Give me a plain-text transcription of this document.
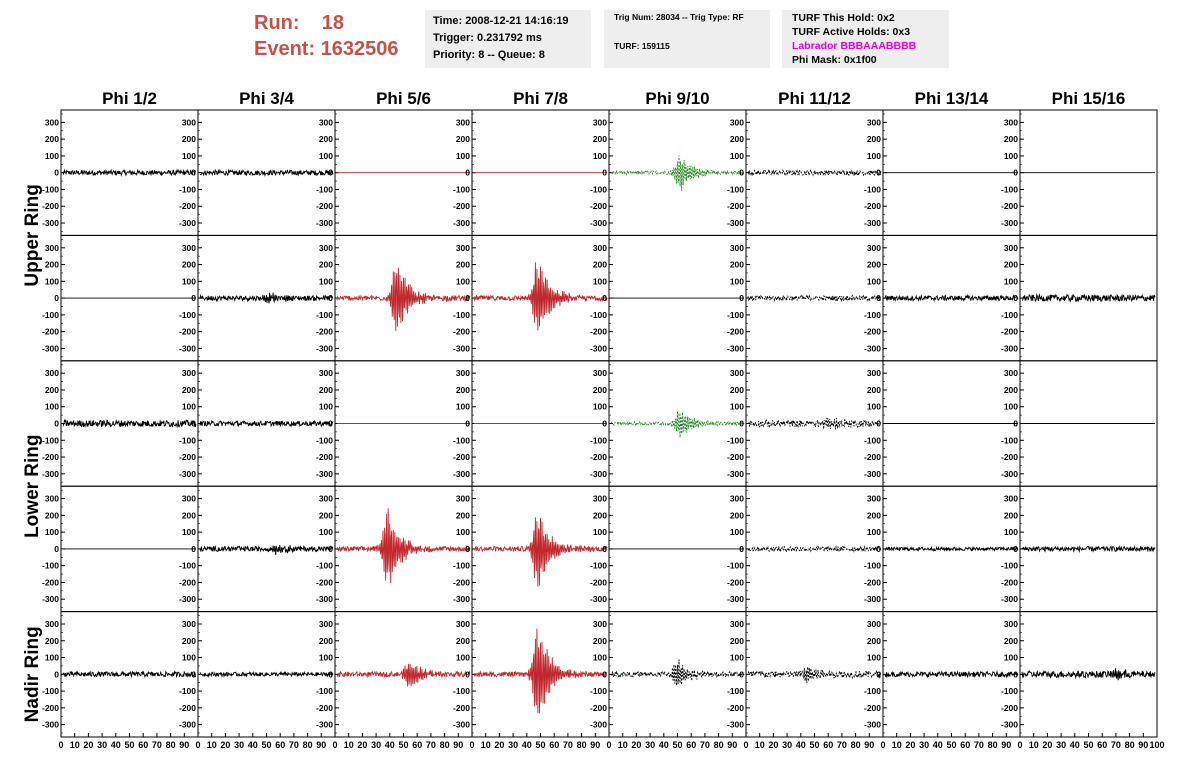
Run: 18
Event: 1632506
Time: 2008-12-21 14:16:19
Trigger: 0.231792 ms
Priority: 8 -- Queue: 8
Trig Num: 28034 -- Trig Type: RF
TURF: 159115
TURF This Hold: 0x2
TURF Active Holds: 0x3
Labrador BBBAAABBBB
Phi Mask: 0x1f00
Phi 1/2	Phi 3/4	Phi 5/6	Phi 7/8	Phi 9/10	Phi 11/12	Phi 13/14	Phi 15/16
Upper Ring
Lower Ring
Nadir Ring
300
200
100
0
-100
-200
-300
300
200
100
0
-100
-200
-300
300
200
100
0
-100
-200
-300
300
200
100
0
-100
-200
-300
300
200
100
0
-100
-200
-300
300
200
100
0
-100
-200
-300
300
200
100
0
-100
-200
-300
300
200
100
0
-100
-200
-300
300
200
100
0
-100
-200
-300
300
200
100
0
-100
-200
-300
300
200
100
0
-100
-200
-300
300
200
100
0
-100
-200
-300
300
200
100
0
-100
-200
-300
300
200
100
0
-100
-200
-300
300
200
100
0
-100
-200
-300
300
200
100
0
-100
-200
-300
300
200
100
0
-100
-200
-300
300
200
100
0
-100
-200
-300
300
200
100
0
-100
-200
-300
300
200
100
0
-100
-200
-300
300
200
100
0
-100
-200
-300
300
200
100
0
-100
-200
-300
300
200
100
0
-100
-200
-300
300
200
100
0
-100
-200
-300
300
200
100
0
-100
-200
-300
300
200
100
0
-100
-200
-300
300
200
100
0
-100
-200
-300
300
200
100
0
-100
-200
-300
300
200
100
0
-100
-200
-300
300
200
100
0
-100
-200
-300
300
200
100
0
-100
-200
-300
300
200
100
0
-100
-200
-300
300
200
100
0
-100
-200
-300
300
200
100
0
-100
-200
-300
300
200
100
0
-100
-200
-300
300
200
100
0
-100
-200
-300
300
200
100
0
-100
-200
-300
300
200
100
0
-100
-200
-300
300
200
100
0
-100
-200
-300
300
200
100
0
-100
-200
-300
0 10 20 30 40 50 60 70 80 90 0 10 20 30 40 50 60 70 80 90 0 10 20 30 40 50 60 70 80 90 0 10 20 30 40 50 60 70 80 90 0 10 20 30 40 50 60 70 80 90 0 10 20 30 40 50 60 70 80 90 0 10 20 30 40 50 60 70 80 90 0 10 20 30 40 50 60 70 80 90 100
